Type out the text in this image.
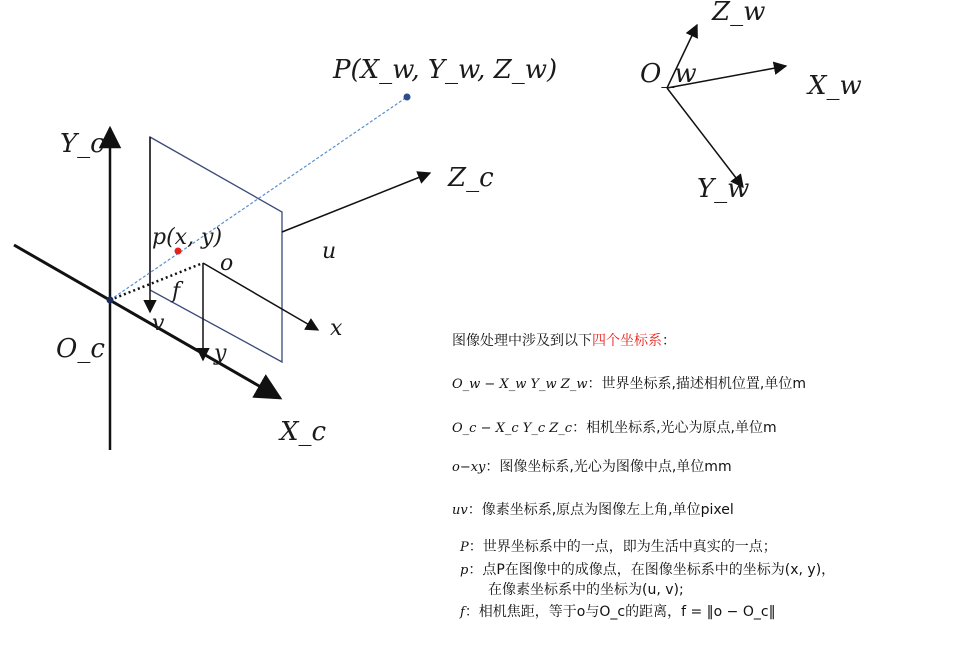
P(X_w, Y_w, Z_w)
p(x, y)
Y_c
X_c
Z_c
O_c
f
o
x
y
u
v
O_w
Z_w
X_w
Y_w
图像处理中涉及到以下四个坐标系：
O_w − X_w Y_w Z_w：世界坐标系,描述相机位置,单位m
O_c − X_c Y_c Z_c：相机坐标系,光心为原点,单位m
o−xy：图像坐标系,光心为图像中点,单位mm
uv：像素坐标系,原点为图像左上角,单位pixel
P：世界坐标系中的一点，即为生活中真实的一点；
p：点P在图像中的成像点，在图像坐标系中的坐标为(x, y)，
在像素坐标系中的坐标为(u, v);
f：相机焦距，等于o与O_c的距离，f = ‖o − O_c‖
